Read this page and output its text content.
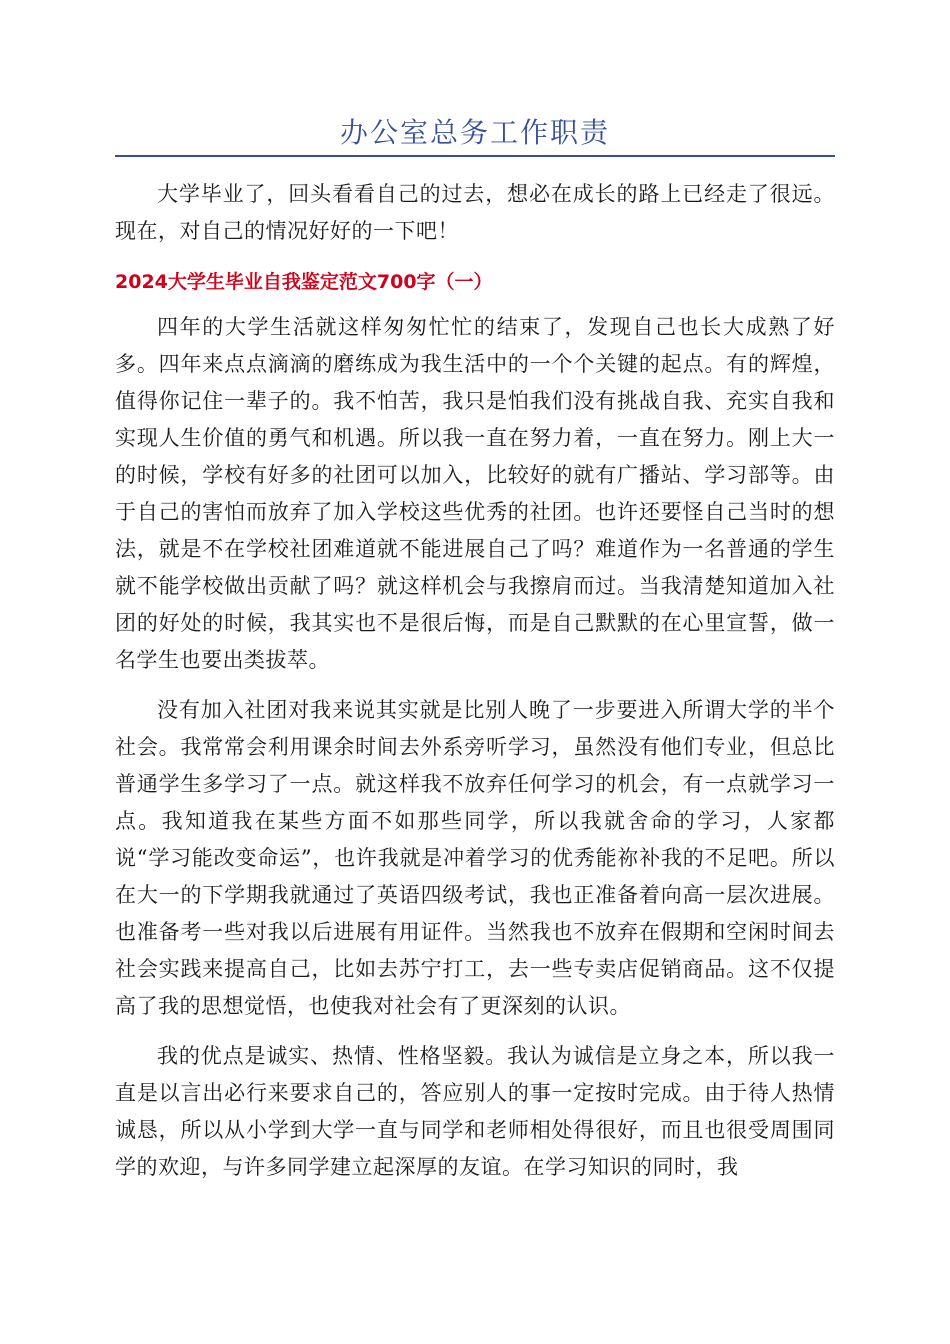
办公室总务工作职责

大学毕业了，回头看看自己的过去，想必在成长的路上已经走了很远。现在，对自己的情况好好的一下吧！

2024大学生毕业自我鉴定范文700字（一）

四年的大学生活就这样匆匆忙忙的结束了，发现自己也长大成熟了好多。四年来点点滴滴的磨练成为我生活中的一个个关键的起点。有的辉煌，值得你记住一辈子的。我不怕苦，我只是怕我们没有挑战自我、充实自我和实现人生价值的勇气和机遇。所以我一直在努力着，一直在努力。刚上大一的时候，学校有好多的社团可以加入，比较好的就有广播站、学习部等。由于自己的害怕而放弃了加入学校这些优秀的社团。也许还要怪自己当时的想法，就是不在学校社团难道就不能进展自己了吗？难道作为一名普通的学生就不能学校做出贡献了吗？就这样机会与我擦肩而过。当我清楚知道加入社团的好处的时候，我其实也不是很后悔，而是自己默默的在心里宣誓，做一名学生也要出类拔萃。

没有加入社团对我来说其实就是比别人晚了一步要进入所谓大学的半个社会。我常常会利用课余时间去外系旁听学习，虽然没有他们专业，但总比普通学生多学习了一点。就这样我不放弃任何学习的机会，有一点就学习一点。我知道我在某些方面不如那些同学，所以我就舍命的学习，人家都说“学习能改变命运”，也许我就是冲着学习的优秀能祢补我的不足吧。所以在大一的下学期我就通过了英语四级考试，我也正准备着向高一层次进展。也准备考一些对我以后进展有用证件。当然我也不放弃在假期和空闲时间去社会实践来提高自己，比如去苏宁打工，去一些专卖店促销商品。这不仅提高了我的思想觉悟，也使我对社会有了更深刻的认识。

我的优点是诚实、热情、性格坚毅。我认为诚信是立身之本，所以我一直是以言出必行来要求自己的，答应别人的事一定按时完成。由于待人热情诚恳，所以从小学到大学一直与同学和老师相处得很好，而且也很受周围同学的欢迎，与许多同学建立起深厚的友谊。在学习知识的同时，我
